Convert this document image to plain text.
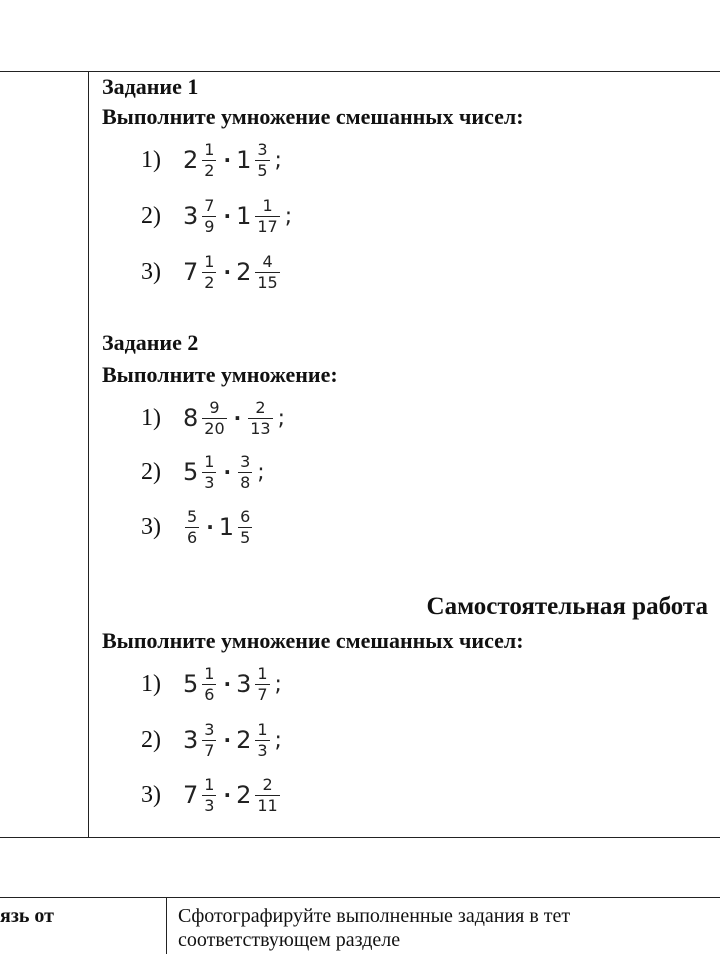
Задание 1
Выполните умножение смешанных чисел:
1) $2 \frac{1}{2} \cdot 1 \frac{3}{5}$ ;
2) $3 \frac{7}{9} \cdot 1 \frac{1}{17}$ ;
3) $7 \frac{1}{2} \cdot 2 \frac{4}{15}$
Задание 2
Выполните умножение:
1) $8 \frac{9}{20} \cdot \frac{2}{13}$ ;
2) $5 \frac{1}{3} \cdot \frac{3}{8}$ ;
3)	$\frac{5}{6} \cdot 1 \frac{6}{5}$
Самостоятельная работа
Выполните умножение смешанных чисел:
1) $5 \frac{1}{6} \cdot 3 \frac{1}{7}$ ;
2) $3 \frac{3}{7} \cdot 2 \frac{1}{3}$ ;
3) $7 \frac{1}{3} \cdot 2 \frac{2}{11}$
язь от	Сфотографируйте выполненные задания в тет
соответствующем разделе
